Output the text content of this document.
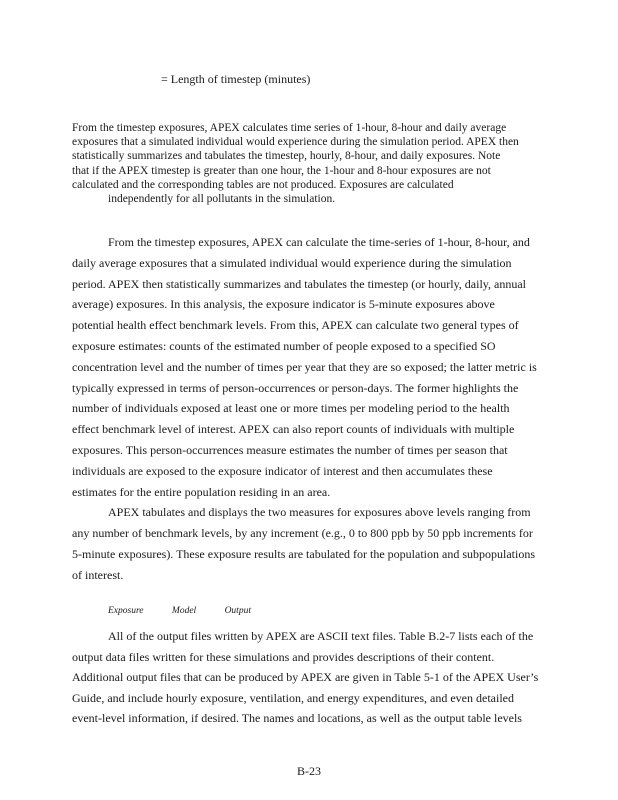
= Length of timestep (minutes)
From the timestep exposures, APEX calculates time series of 1-hour, 8-hour and daily average
exposures that a simulated individual would experience during the simulation period. APEX then
statistically summarizes and tabulates the timestep, hourly, 8-hour, and daily exposures. Note
that if the APEX timestep is greater than one hour, the 1-hour and 8-hour exposures are not
calculated and the corresponding tables are not produced. Exposures are calculated
independently for all pollutants in the simulation.
From the timestep exposures, APEX can calculate the time-series of 1-hour, 8-hour, and
daily average exposures that a simulated individual would experience during the simulation
period. APEX then statistically summarizes and tabulates the timestep (or hourly, daily, annual
average) exposures. In this analysis, the exposure indicator is 5-minute exposures above
potential health effect benchmark levels. From this, APEX can calculate two general types of
exposure estimates: counts of the estimated number of people exposed to a specified SO
concentration level and the number of times per year that they are so exposed; the latter metric is
typically expressed in terms of person-occurrences or person-days. The former highlights the
number of individuals exposed at least one or more times per modeling period to the health
effect benchmark level of interest. APEX can also report counts of individuals with multiple
exposures. This person-occurrences measure estimates the number of times per season that
individuals are exposed to the exposure indicator of interest and then accumulates these
estimates for the entire population residing in an area.
APEX tabulates and displays the two measures for exposures above levels ranging from
any number of benchmark levels, by any increment (e.g., 0 to 800 ppb by 50 ppb increments for
5-minute exposures). These exposure results are tabulated for the population and subpopulations
of interest.
Exposure	Model	Output
All of the output files written by APEX are ASCII text files. Table B.2-7 lists each of the
output data files written for these simulations and provides descriptions of their content.
Additional output files that can be produced by APEX are given in Table 5-1 of the APEX User’s
Guide, and include hourly exposure, ventilation, and energy expenditures, and even detailed
event-level information, if desired. The names and locations, as well as the output table levels
B-23
